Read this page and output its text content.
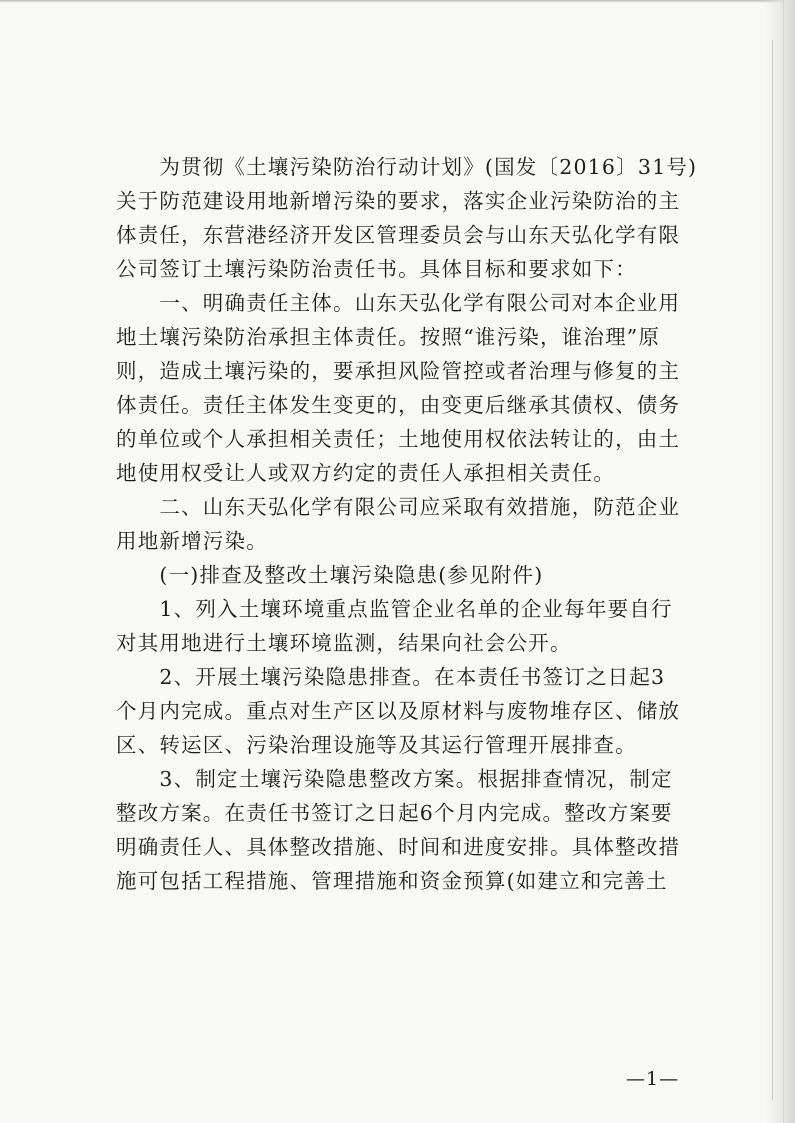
　　为贯彻《土壤污染防治行动计划》(国发〔2016〕31号)
关于防范建设用地新增污染的要求，落实企业污染防治的主
体责任，东营港经济开发区管理委员会与山东天弘化学有限
公司签订土壤污染防治责任书。具体目标和要求如下：
　　一、明确责任主体。山东天弘化学有限公司对本企业用
地土壤污染防治承担主体责任。按照“谁污染，谁治理”原
则，造成土壤污染的，要承担风险管控或者治理与修复的主
体责任。责任主体发生变更的，由变更后继承其债权、债务
的单位或个人承担相关责任；土地使用权依法转让的，由土
地使用权受让人或双方约定的责任人承担相关责任。
　　二、山东天弘化学有限公司应采取有效措施，防范企业
用地新增污染。
　　(一)排查及整改土壤污染隐患(参见附件)
　　1、列入土壤环境重点监管企业名单的企业每年要自行
对其用地进行土壤环境监测，结果向社会公开。
　　2、开展土壤污染隐患排查。在本责任书签订之日起3
个月内完成。重点对生产区以及原材料与废物堆存区、储放
区、转运区、污染治理设施等及其运行管理开展排查。
　　3、制定土壤污染隐患整改方案。根据排查情况，制定
整改方案。在责任书签订之日起6个月内完成。整改方案要
明确责任人、具体整改措施、时间和进度安排。具体整改措
施可包括工程措施、管理措施和资金预算(如建立和完善土
—1—
